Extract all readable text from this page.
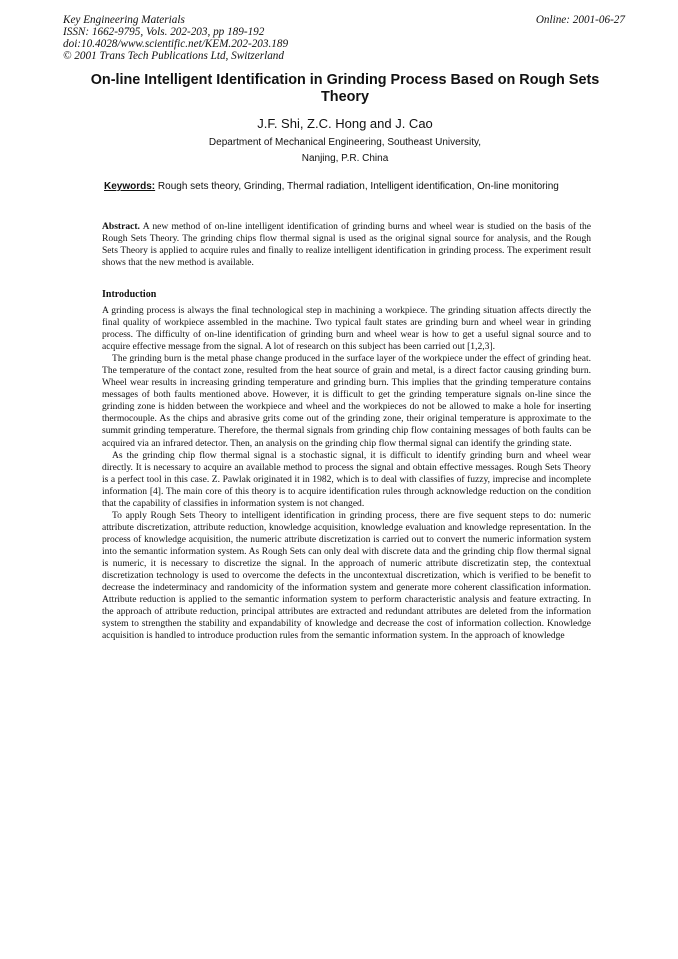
Key Engineering Materials
ISSN: 1662-9795, Vols. 202-203, pp 189-192
doi:10.4028/www.scientific.net/KEM.202-203.189
© 2001 Trans Tech Publications Ltd, Switzerland
Online: 2001-06-27
On-line Intelligent Identification in Grinding Process Based on Rough Sets Theory
J.F. Shi, Z.C. Hong and J. Cao
Department of Mechanical Engineering, Southeast University,
Nanjing, P.R. China
Keywords: Rough sets theory, Grinding, Thermal radiation, Intelligent identification, On-line monitoring

Abstract. A new method of on-line intelligent identification of grinding burns and wheel wear is studied on the basis of the Rough Sets Theory. The grinding chips flow thermal signal is used as the original signal source for analysis, and the Rough Sets Theory is applied to acquire rules and finally to realize intelligent identification in grinding process. The experiment result shows that the new method is available.

Introduction

A grinding process is always the final technological step in machining a workpiece. The grinding situation affects directly the final quality of workpiece assembled in the machine. Two typical fault states are grinding burn and wheel wear in grinding process. The difficulty of on-line identification of grinding burn and wheel wear is how to get a useful signal source and to acquire effective message from the signal. A lot of research on this subject has been carried out [1,2,3].

The grinding burn is the metal phase change produced in the surface layer of the workpiece under the effect of grinding heat. The temperature of the contact zone, resulted from the heat source of grain and metal, is a direct factor causing grinding burn. Wheel wear results in increasing grinding temperature and grinding burn. This implies that the grinding temperature contains messages of both faults mentioned above. However, it is difficult to get the grinding temperature signals on-line since the grinding zone is hidden between the workpiece and wheel and the workpieces do not be allowed to make a hole for inserting thermocouple. As the chips and abrasive grits come out of the grinding zone, their original temperature is approximate to the summit grinding temperature. Therefore, the thermal signals from grinding chip flow containing messages of both faults can be acquired via an infrared detector. Then, an analysis on the grinding chip flow thermal signal can identify the grinding state.

As the grinding chip flow thermal signal is a stochastic signal, it is difficult to identify grinding burn and wheel wear directly. It is necessary to acquire an available method to process the signal and obtain effective messages. Rough Sets Theory is a perfect tool in this case. Z. Pawlak originated it in 1982, which is to deal with classifies of fuzzy, imprecise and incomplete information [4]. The main core of this theory is to acquire identification rules through acknowledge reduction on the condition that the capability of classifies in information system is not changed.

To apply Rough Sets Theory to intelligent identification in grinding process, there are five sequent steps to do: numeric attribute discretization, attribute reduction, knowledge acquisition, knowledge evaluation and knowledge representation. In the process of knowledge acquisition, the numeric attribute discretization is carried out to convert the numeric information system into the semantic information system. As Rough Sets can only deal with discrete data and the grinding chip flow thermal signal is numeric, it is necessary to discretize the signal. In the approach of numeric attribute discretizatin step, the contextual discretization technology is used to overcome the defects in the uncontextual discretization, which is verified to be benefit to decrease the indeterminacy and randomicity of the information system and generate more coherent classification information. Attribute reduction is applied to the semantic information system to perform characteristic analysis and feature extracting. In the approach of attribute reduction, principal attributes are extracted and redundant attributes are deleted from the information system to strengthen the stability and expandability of knowledge and decrease the cost of information collection. Knowledge acquisition is handled to introduce production rules from the semantic information system. In the approach of knowledge
